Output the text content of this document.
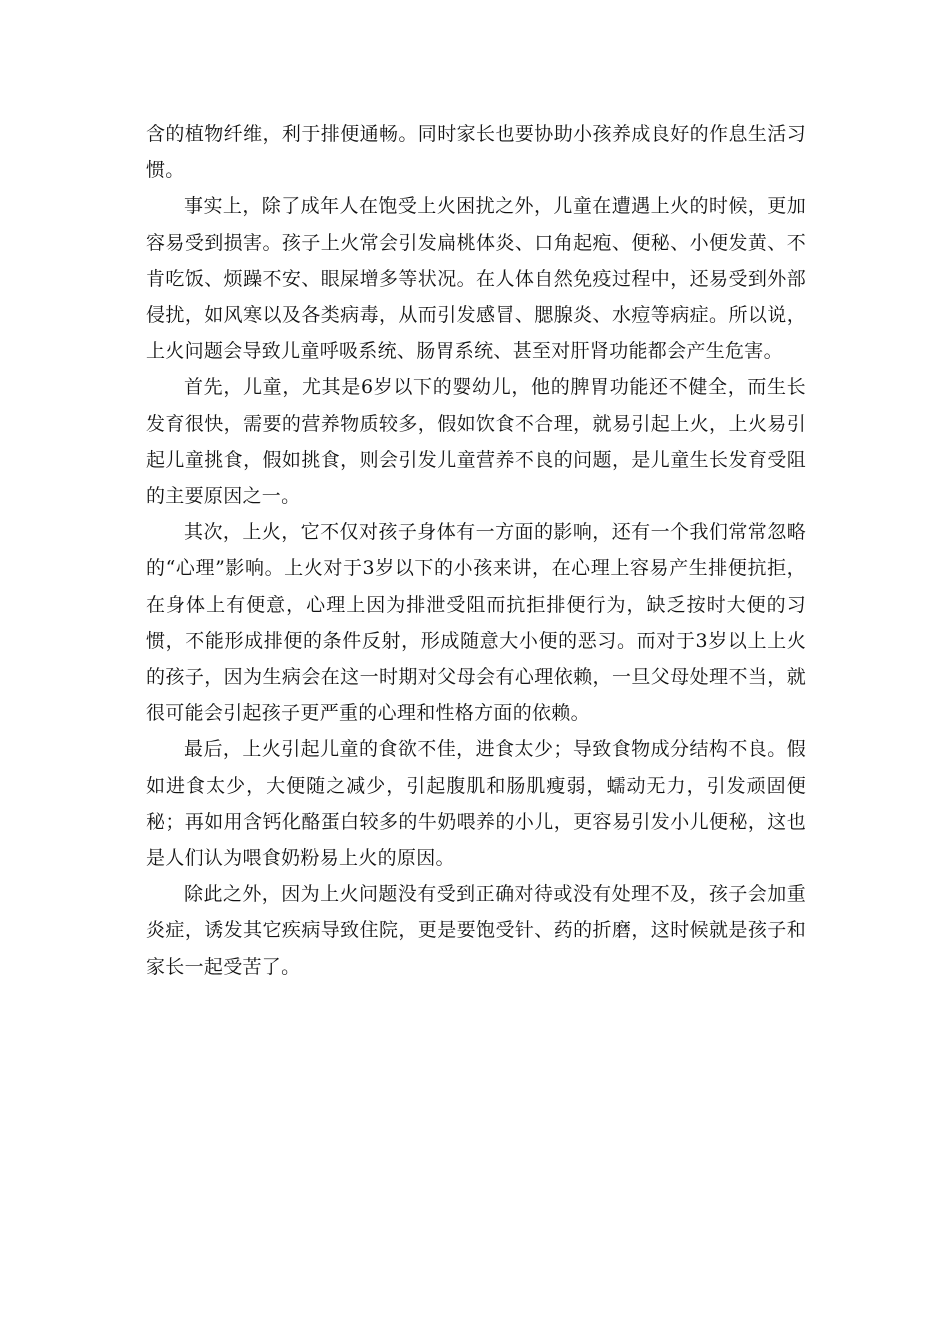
含的植物纤维，利于排便通畅。同时家长也要协助小孩养成良好的作息生活习惯。

事实上，除了成年人在饱受上火困扰之外，儿童在遭遇上火的时候，更加容易受到损害。孩子上火常会引发扁桃体炎、口角起疱、便秘、小便发黄、不肯吃饭、烦躁不安、眼屎增多等状况。在人体自然免疫过程中，还易受到外部侵扰，如风寒以及各类病毒，从而引发感冒、腮腺炎、水痘等病症。所以说，上火问题会导致儿童呼吸系统、肠胃系统、甚至对肝肾功能都会产生危害。

首先，儿童，尤其是6岁以下的婴幼儿，他的脾胃功能还不健全，而生长发育很快，需要的营养物质较多，假如饮食不合理，就易引起上火，上火易引起儿童挑食，假如挑食，则会引发儿童营养不良的问题，是儿童生长发育受阻的主要原因之一。

其次，上火，它不仅对孩子身体有一方面的影响，还有一个我们常常忽略的“心理”影响。上火对于3岁以下的小孩来讲，在心理上容易产生排便抗拒，在身体上有便意，心理上因为排泄受阻而抗拒排便行为，缺乏按时大便的习惯，不能形成排便的条件反射，形成随意大小便的恶习。而对于3岁以上上火的孩子，因为生病会在这一时期对父母会有心理依赖，一旦父母处理不当，就很可能会引起孩子更严重的心理和性格方面的依赖。

最后，上火引起儿童的食欲不佳，进食太少；导致食物成分结构不良。假如进食太少，大便随之减少，引起腹肌和肠肌瘦弱，蠕动无力，引发顽固便秘；再如用含钙化酪蛋白较多的牛奶喂养的小儿，更容易引发小儿便秘，这也是人们认为喂食奶粉易上火的原因。

除此之外，因为上火问题没有受到正确对待或没有处理不及，孩子会加重炎症，诱发其它疾病导致住院，更是要饱受针、药的折磨，这时候就是孩子和家长一起受苦了。
